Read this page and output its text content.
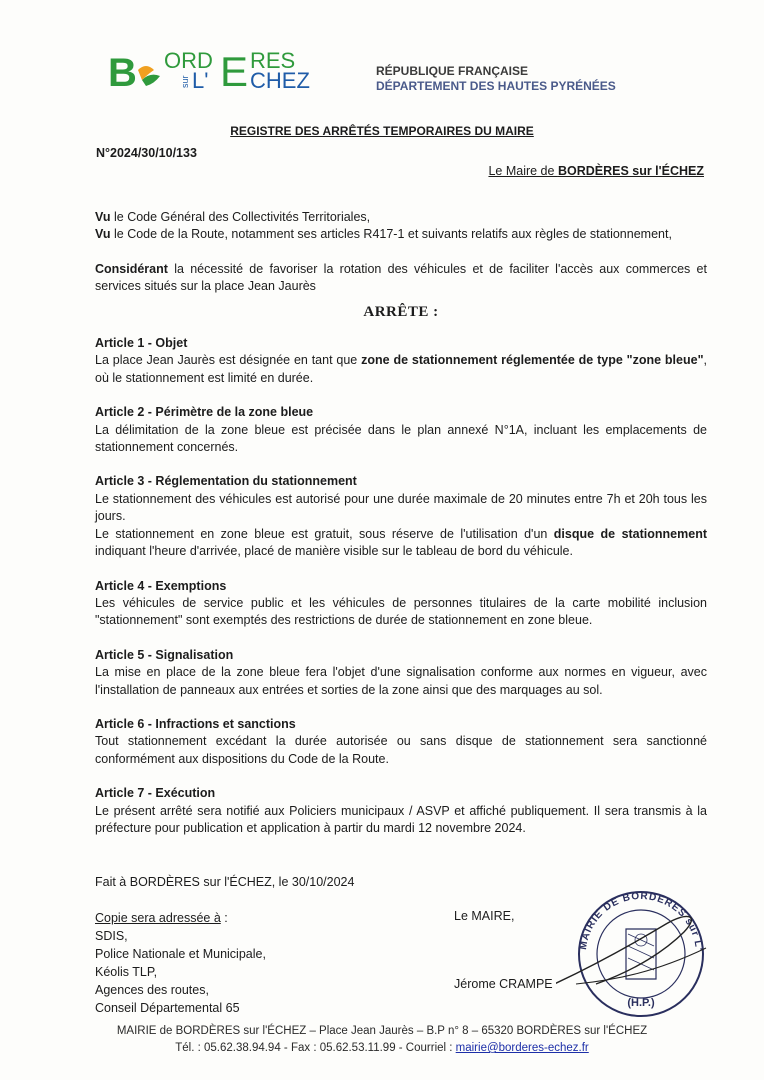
B ORD
sur L' E RES
CHEZ	RÉPUBLIQUE FRANÇAISE
DÉPARTEMENT DES HAUTES PYRÉNÉES
REGISTRE DES ARRÊTÉS TEMPORAIRES DU MAIRE
N°2024/30/10/133
Le Maire de BORDÈRES sur l'ÉCHEZ

Vu le Code Général des Collectivités Territoriales,

Vu le Code de la Route, notamment ses articles R417-1 et suivants relatifs aux règles de stationnement,

Considérant la nécessité de favoriser la rotation des véhicules et de faciliter l'accès aux commerces et services situés sur la place Jean Jaurès

ARRÊTE :

Article 1 - Objet

La place Jean Jaurès est désignée en tant que zone de stationnement réglementée de type "zone bleue", où le stationnement est limité en durée.

Article 2 - Périmètre de la zone bleue

La délimitation de la zone bleue est précisée dans le plan annexé N°1A, incluant les emplacements de stationnement concernés.

Article 3 - Réglementation du stationnement

Le stationnement des véhicules est autorisé pour une durée maximale de 20 minutes entre 7h et 20h tous les jours.

Le stationnement en zone bleue est gratuit, sous réserve de l'utilisation d'un disque de stationnement indiquant l'heure d'arrivée, placé de manière visible sur le tableau de bord du véhicule.

Article 4 - Exemptions

Les véhicules de service public et les véhicules de personnes titulaires de la carte mobilité inclusion "stationnement" sont exemptés des restrictions de durée de stationnement en zone bleue.

Article 5 - Signalisation

La mise en place de la zone bleue fera l'objet d'une signalisation conforme aux normes en vigueur, avec l'installation de panneaux aux entrées et sorties de la zone ainsi que des marquages au sol.

Article 6 - Infractions et sanctions

Tout stationnement excédant la durée autorisée ou sans disque de stationnement sera sanctionné conformément aux dispositions du Code de la Route.

Article 7 - Exécution

Le présent arrêté sera notifié aux Policiers municipaux / ASVP et affiché publiquement. Il sera transmis à la préfecture pour publication et application à partir du mardi 12 novembre 2024.

Fait à BORDÈRES sur l'ÉCHEZ, le 30/10/2024
Copie sera adressée à :
SDIS,
Police Nationale et Municipale,
Kéolis TLP,
Agences des routes,
Conseil Départemental 65
Le MAIRE,
Jérome CRAMPE
MAIRIE DE BORDERES sur L'
(H.P.)
MAIRIE de BORDÈRES sur l'ÉCHEZ – Place Jean Jaurès – B.P n° 8 – 65320 BORDÈRES sur l'ÉCHEZ
Tél. : 05.62.38.94.94 - Fax : 05.62.53.11.99 - Courriel : mairie@borderes-echez.fr
